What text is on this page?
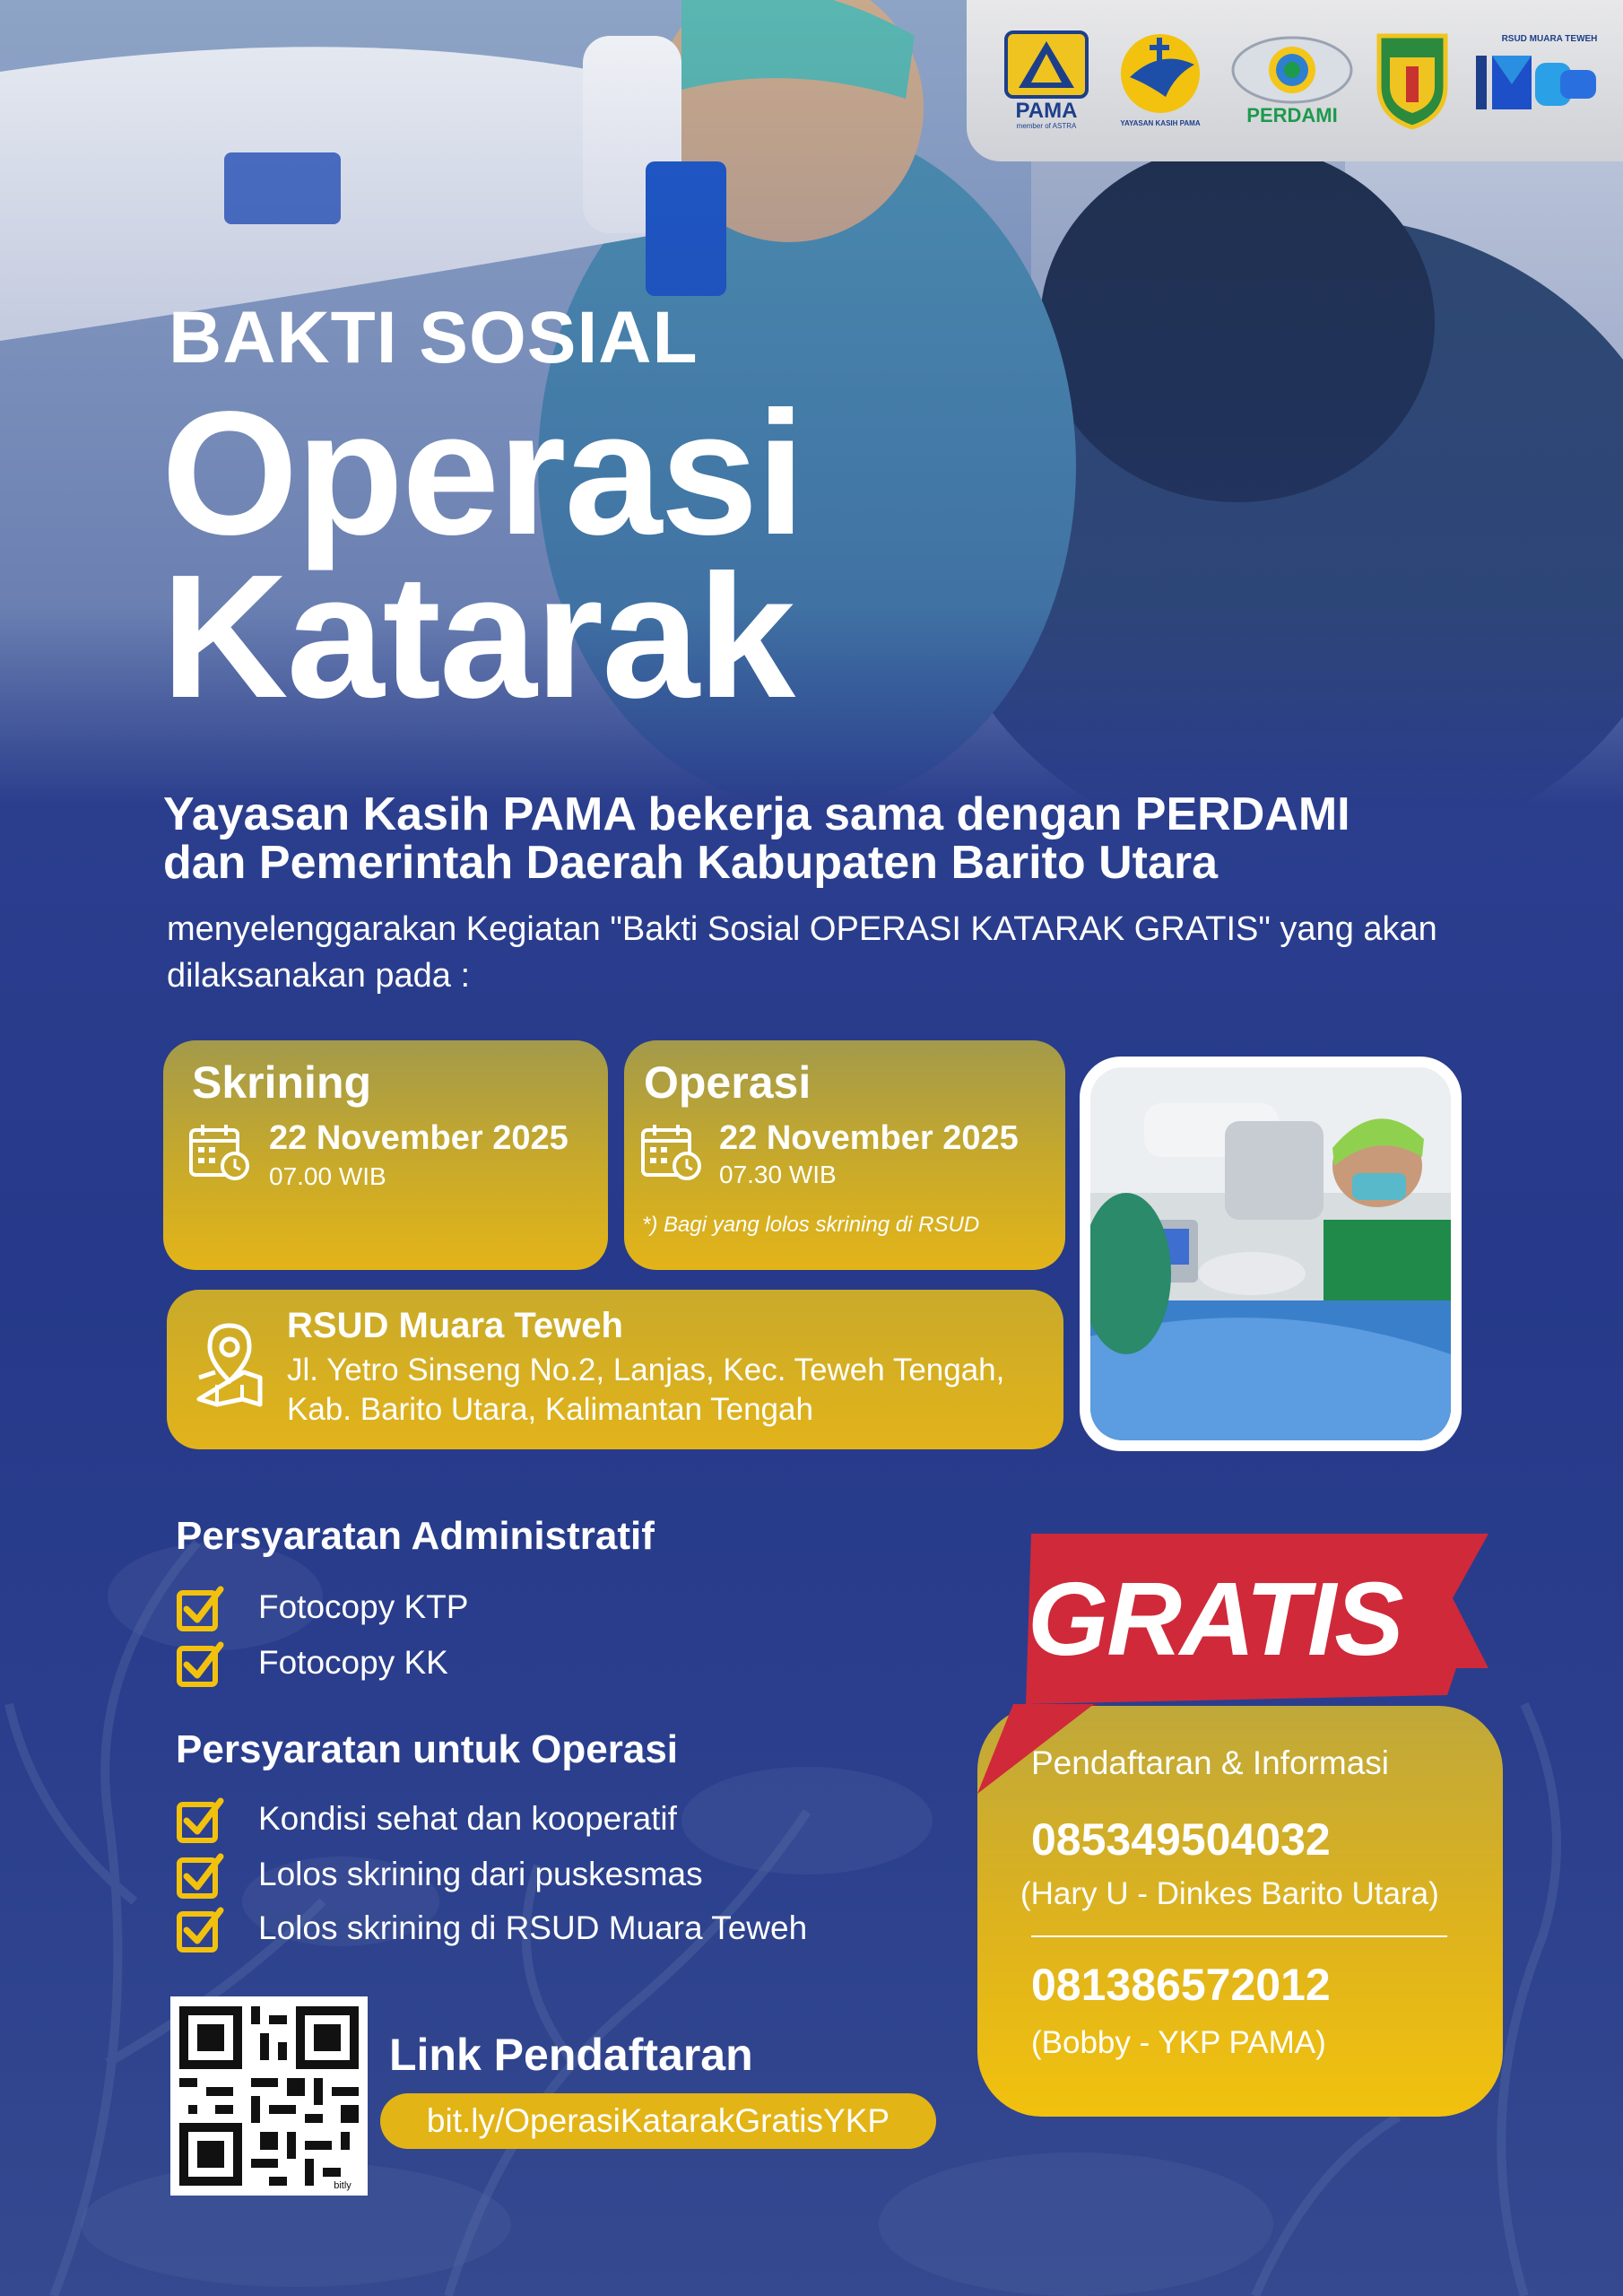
PAMA
member of ASTRA	YAYASAN KASIH PAMA PERDAMI
RSUD MUARA TEWEH
BAKTI SOSIAL
Operasi
Katarak
Yayasan Kasih PAMA bekerja sama dengan PERDAMI
dan Pemerintah Daerah Kabupaten Barito Utara
menyelenggarakan Kegiatan "Bakti Sosial OPERASI KATARAK GRATIS" yang akan dilaksanakan pada :
Skrining
22 November 2025
07.00 WIB
Operasi
22 November 2025
07.30 WIB
*) Bagi yang lolos skrining di RSUD
RSUD Muara Teweh
Jl. Yetro Sinseng No.2, Lanjas, Kec. Teweh Tengah,
Kab. Barito Utara, Kalimantan Tengah
Persyaratan Administratif
Fotocopy KTP
Fotocopy KK
Persyaratan untuk Operasi
Kondisi sehat dan kooperatif
Lolos skrining dari puskesmas
Lolos skrining di RSUD Muara Teweh
bitly
Link Pendaftaran
bit.ly/OperasiKatarakGratisYKP
GRATIS
Pendaftaran & Informasi
085349504032
(Hary U - Dinkes Barito Utara)
081386572012
(Bobby - YKP PAMA)
